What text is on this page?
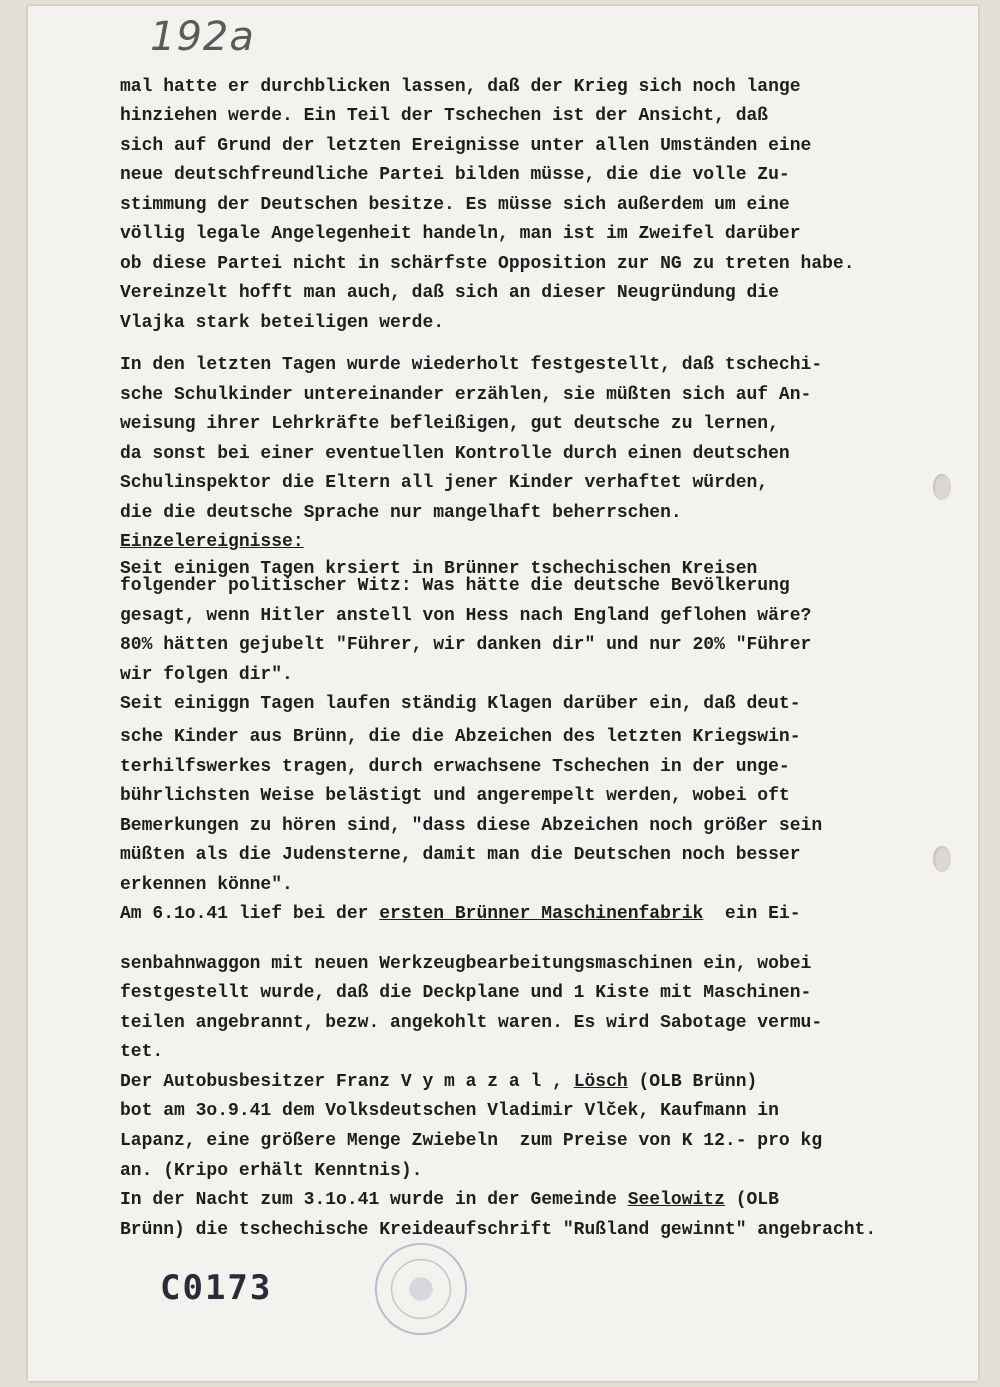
192a
mal hatte er durchblicken lassen, daß der Krieg sich noch lange
hinziehen werde. Ein Teil der Tschechen ist der Ansicht, daß
sich auf Grund der letzten Ereignisse unter allen Umständen eine
neue deutschfreundliche Partei bilden müsse, die die volle Zu-
stimmung der Deutschen besitze. Es müsse sich außerdem um eine
völlig legale Angelegenheit handeln, man ist im Zweifel darüber
ob diese Partei nicht in schärfste Opposition zur NG zu treten habe.
Vereinzelt hofft man auch, daß sich an dieser Neugründung die
Vlajka stark beteiligen werde.
In den letzten Tagen wurde wiederholt festgestellt, daß tschechi-
sche Schulkinder untereinander erzählen, sie müßten sich auf An-
weisung ihrer Lehrkräfte befleißigen, gut deutsche zu lernen,
da sonst bei einer eventuellen Kontrolle durch einen deutschen
Schulinspektor die Eltern all jener Kinder verhaftet würden,
die die deutsche Sprache nur mangelhaft beherrschen.
Einzelereignisse:
Seit einigen Tagen krsiert in Brünner tschechischen Kreisen
folgender politischer Witz: Was hätte die deutsche Bevölkerung
gesagt, wenn Hitler anstell von Hess nach England geflohen wäre?
80% hätten gejubelt "Führer, wir danken dir" und nur 20% "Führer
wir folgen dir".
Seit einiggn Tagen laufen ständig Klagen darüber ein, daß deut-
sche Kinder aus Brünn, die die Abzeichen des letzten Kriegswin-
terhilfswerkes tragen, durch erwachsene Tschechen in der unge-
bührlichsten Weise belästigt und angerempelt werden, wobei oft
Bemerkungen zu hören sind, "dass diese Abzeichen noch größer sein
müßten als die Judensterne, damit man die Deutschen noch besser
erkennen könne".
Am 6.1o.41 lief bei der ersten Brünner Maschinenfabrik  ein Ei-
senbahnwaggon mit neuen Werkzeugbearbeitungsmaschinen ein, wobei
festgestellt wurde, daß die Deckplane und 1 Kiste mit Maschinen-
teilen angebrannt, bezw. angekohlt waren. Es wird Sabotage vermu-
tet.
Der Autobusbesitzer Franz V y m a z a l , Lösch (OLB Brünn)
bot am 3o.9.41 dem Volksdeutschen Vladimir Vlček, Kaufmann in
Lapanz, eine größere Menge Zwiebeln  zum Preise von K 12.- pro kg
an. (Kripo erhält Kenntnis).
In der Nacht zum 3.1o.41 wurde in der Gemeinde Seelowitz (OLB
Brünn) die tschechische Kreideaufschrift "Rußland gewinnt" angebracht.
C0173
